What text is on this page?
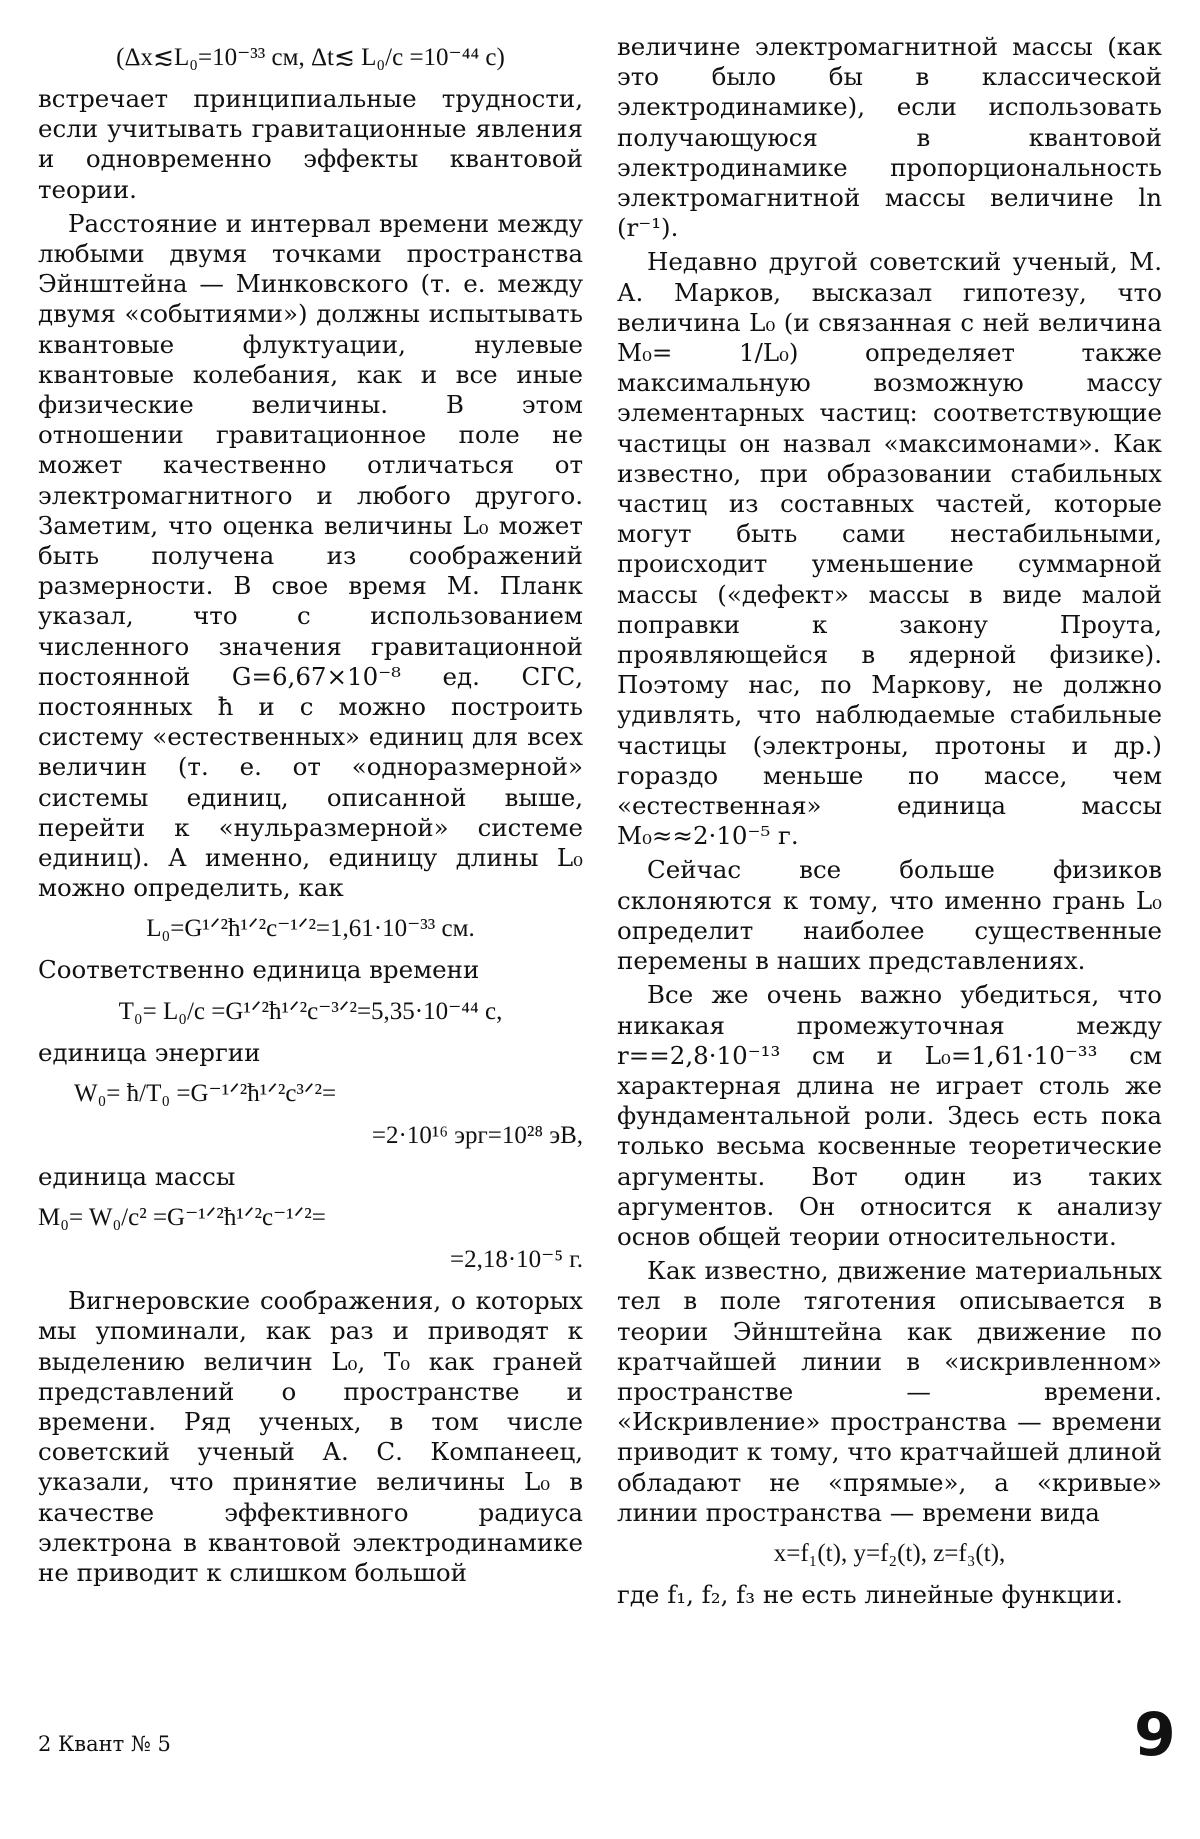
(Δx≲L₀=10⁻³³ см, Δt≲ L₀/c =10⁻⁴⁴ с)

встречает принципиальные трудности, если учитывать гравитационные явления и одновременно эффекты квантовой теории.

Расстояние и интервал времени между любыми двумя точками пространства Эйнштейна — Минковского (т. е. между двумя «событиями») должны испытывать квантовые флуктуации, нулевые квантовые колебания, как и все иные физические величины. В этом отношении гравитационное поле не может качественно отличаться от электромагнитного и любого другого. Заметим, что оценка величины L₀ может быть получена из соображений размерности. В свое время М. Планк указал, что с использованием численного значения гравитационной постоянной G=6,67×10⁻⁸ ед. СГС, постоянных ħ и c можно построить систему «естественных» единиц для всех величин (т. е. от «одноразмерной» системы единиц, описанной выше, перейти к «нульразмерной» системе единиц). А именно, единицу длины L₀ можно определить, как

L₀=G¹ᐟ²ħ¹ᐟ²c⁻¹ᐟ²=1,61·10⁻³³ см.

Соответственно единица времени

T₀= L₀/c =G¹ᐟ²ħ¹ᐟ²c⁻³ᐟ²=5,35·10⁻⁴⁴ с,

единица энергии

W₀= ħ/T₀ =G⁻¹ᐟ²ħ¹ᐟ²c³ᐟ²=
=2·10¹⁶ эрг=10²⁸ эВ,

единица массы

M₀= W₀/c² =G⁻¹ᐟ²ħ¹ᐟ²c⁻¹ᐟ²=
=2,18·10⁻⁵ г.

Вигнеровские соображения, о которых мы упоминали, как раз и приводят к выделению величин L₀, T₀ как граней представлений о пространстве и времени. Ряд ученых, в том числе советский ученый А. С. Компанеец, указали, что принятие величины L₀ в качестве эффективного радиуса электрона в квантовой электродинамике не приводит к слишком большой

величине электромагнитной массы (как это было бы в классической электродинамике), если использовать получающуюся в квантовой электродинамике пропорциональность электромагнитной массы величине ln (r⁻¹).

Недавно другой советский ученый, М. А. Марков, высказал гипотезу, что величина L₀ (и связанная с ней величина M₀= 1/L₀) определяет также максимальную возможную массу элементарных частиц: соответствующие частицы он назвал «максимонами». Как известно, при образовании стабильных частиц из составных частей, которые могут быть сами нестабильными, происходит уменьшение суммарной массы («дефект» массы в виде малой поправки к закону Проута, проявляющейся в ядерной физике). Поэтому нас, по Маркову, не должно удивлять, что наблюдаемые стабильные частицы (электроны, протоны и др.) гораздо меньше по массе, чем «естественная» единица массы M₀≈≈2·10⁻⁵ г.

Сейчас все больше физиков склоняются к тому, что именно грань L₀ определит наиболее существенные перемены в наших представлениях.

Все же очень важно убедиться, что никакая промежуточная между r==2,8·10⁻¹³ см и L₀=1,61·10⁻³³ см характерная длина не играет столь же фундаментальной роли. Здесь есть пока только весьма косвенные теоретические аргументы. Вот один из таких аргументов. Он относится к анализу основ общей теории относительности.

Как известно, движение материальных тел в поле тяготения описывается в теории Эйнштейна как движение по кратчайшей линии в «искривленном» пространстве — времени. «Искривление» пространства — времени приводит к тому, что кратчайшей длиной обладают не «прямые», а «кривые» линии пространства — времени вида

x=f₁(t), y=f₂(t), z=f₃(t),

где f₁, f₂, f₃ не есть линейные функции.

2 Квант № 5	9
